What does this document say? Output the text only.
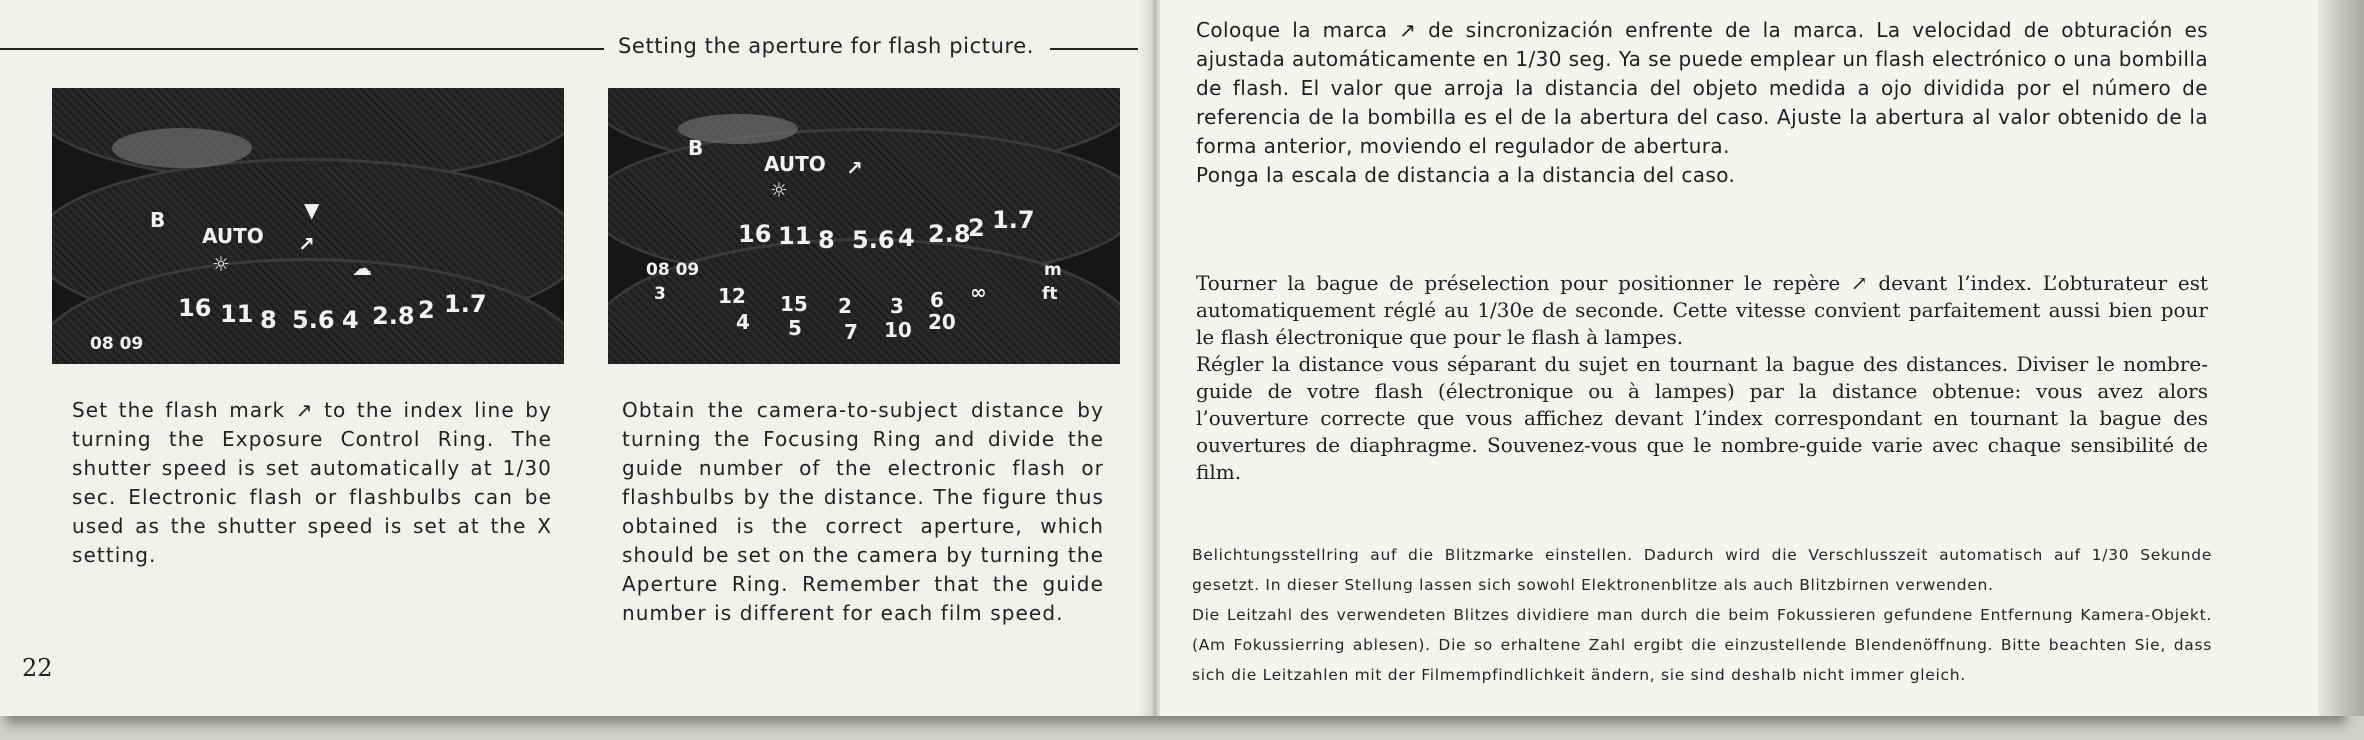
Setting the aperture for flash picture.
▼
B
AUTO
☼
↗
☁
16 11 8 5.6 4 2.8 2 1.7
08 09
B
AUTO
☼
↗
16 11 8 5.6 4 2.8
2 1.7
08 09
3	12 15 2 3 6 ∞
4 5 7 10 20
m
ft
Set the flash mark ↗ to the index line by turning the Exposure Control Ring. The shutter speed is set automatically at 1/30 sec. Electronic flash or flashbulbs can be used as the shutter speed is set at the X setting.
Obtain the camera-to-subject distance by turning the Focusing Ring and divide the guide number of the electronic flash or flashbulbs by the distance. The figure thus obtained is the correct aperture, which should be set on the camera by turning the Aperture Ring. Remember that the guide number is different for each film speed.
22

Coloque la marca ↗ de sincronización enfrente de la marca. La velocidad de obturación es ajustada automáticamente en 1/30 seg. Ya se puede emplear un flash electrónico o una bombilla de flash. El valor que arroja la distancia del objeto medida a ojo dividida por el número de referencia de la bombilla es el de la abertura del caso. Ajuste la abertura al valor obtenido de la forma anterior, moviendo el regulador de abertura.

Ponga la escala de distancia a la distancia del caso.

Tourner la bague de préselection pour positionner le repère ↗ devant l’index. L’obturateur est automatiquement réglé au 1/30e de seconde. Cette vitesse convient parfaitement aussi bien pour le flash électronique que pour le flash à lampes.

Régler la distance vous séparant du sujet en tournant la bague des distances. Diviser le nombre-guide de votre flash (électronique ou à lampes) par la distance obtenue: vous avez alors l’ouverture correcte que vous affichez devant l’index correspondant en tournant la bague des ouvertures de diaphragme. Souvenez-vous que le nombre-guide varie avec chaque sensibilité de film.

Belichtungsstellring auf die Blitzmarke einstellen. Dadurch wird die Verschlusszeit automatisch auf 1/30 Sekunde gesetzt. In dieser Stellung lassen sich sowohl Elektronenblitze als auch Blitzbirnen verwenden.

Die Leitzahl des verwendeten Blitzes dividiere man durch die beim Fokussieren gefundene Entfernung Kamera-Objekt. (Am Fokussierring ablesen). Die so erhaltene Zahl ergibt die einzustellende Blendenöffnung. Bitte beachten Sie, dass sich die Leitzahlen mit der Filmempfindlichkeit ändern, sie sind deshalb nicht immer gleich.
